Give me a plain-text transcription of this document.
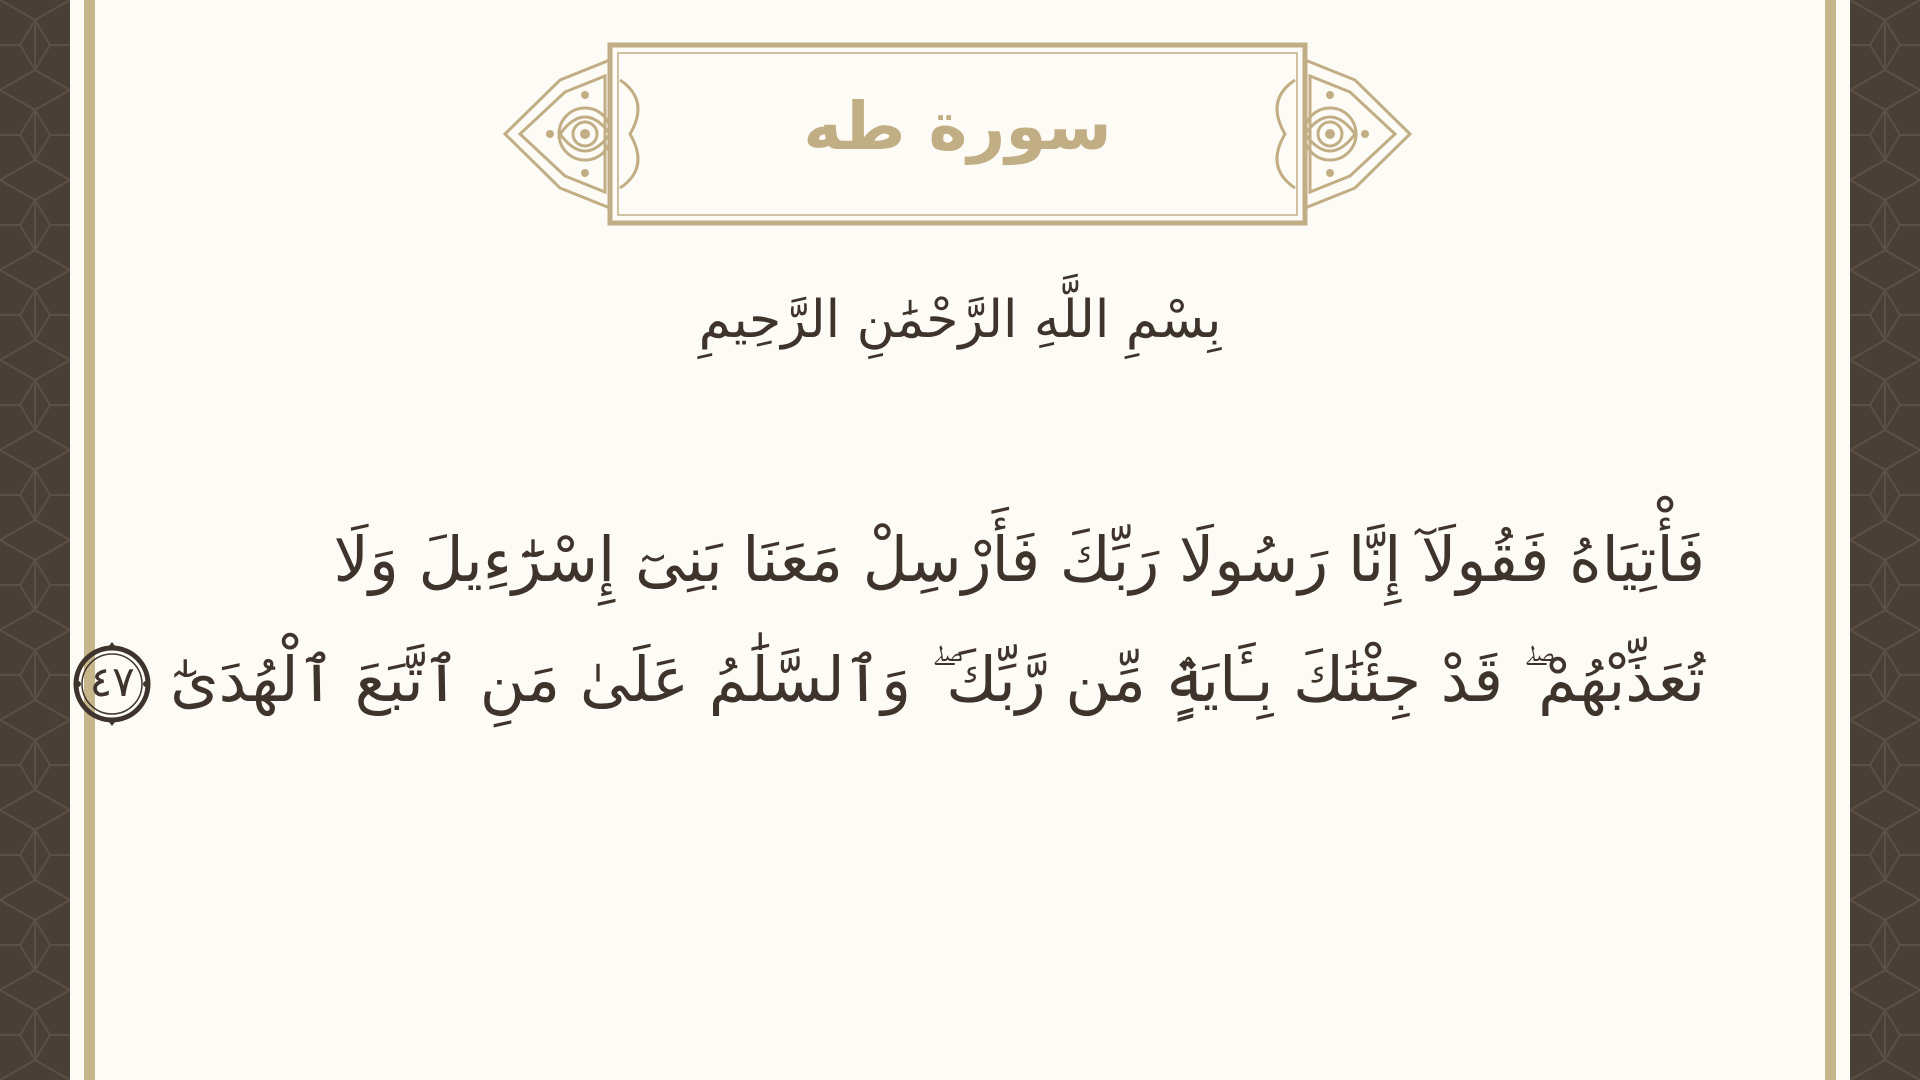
سورة طه
بِسْمِ اللَّهِ الرَّحْمَٰنِ الرَّحِيمِ
فَأْتِيَاهُ فَقُولَآ إِنَّا رَسُولَا رَبِّكَ فَأَرْسِلْ مَعَنَا بَنِىٓ إِسْرَٰٓءِيلَ وَلَا
تُعَذِّبْهُمْ ۖ قَدْ جِئْنَٰكَ بِـَٔايَةٍۢ مِّن رَّبِّكَ ۖ وَٱلسَّلَٰمُ عَلَىٰ مَنِ ٱتَّبَعَ ٱلْهُدَىٰٓ
٤٧
